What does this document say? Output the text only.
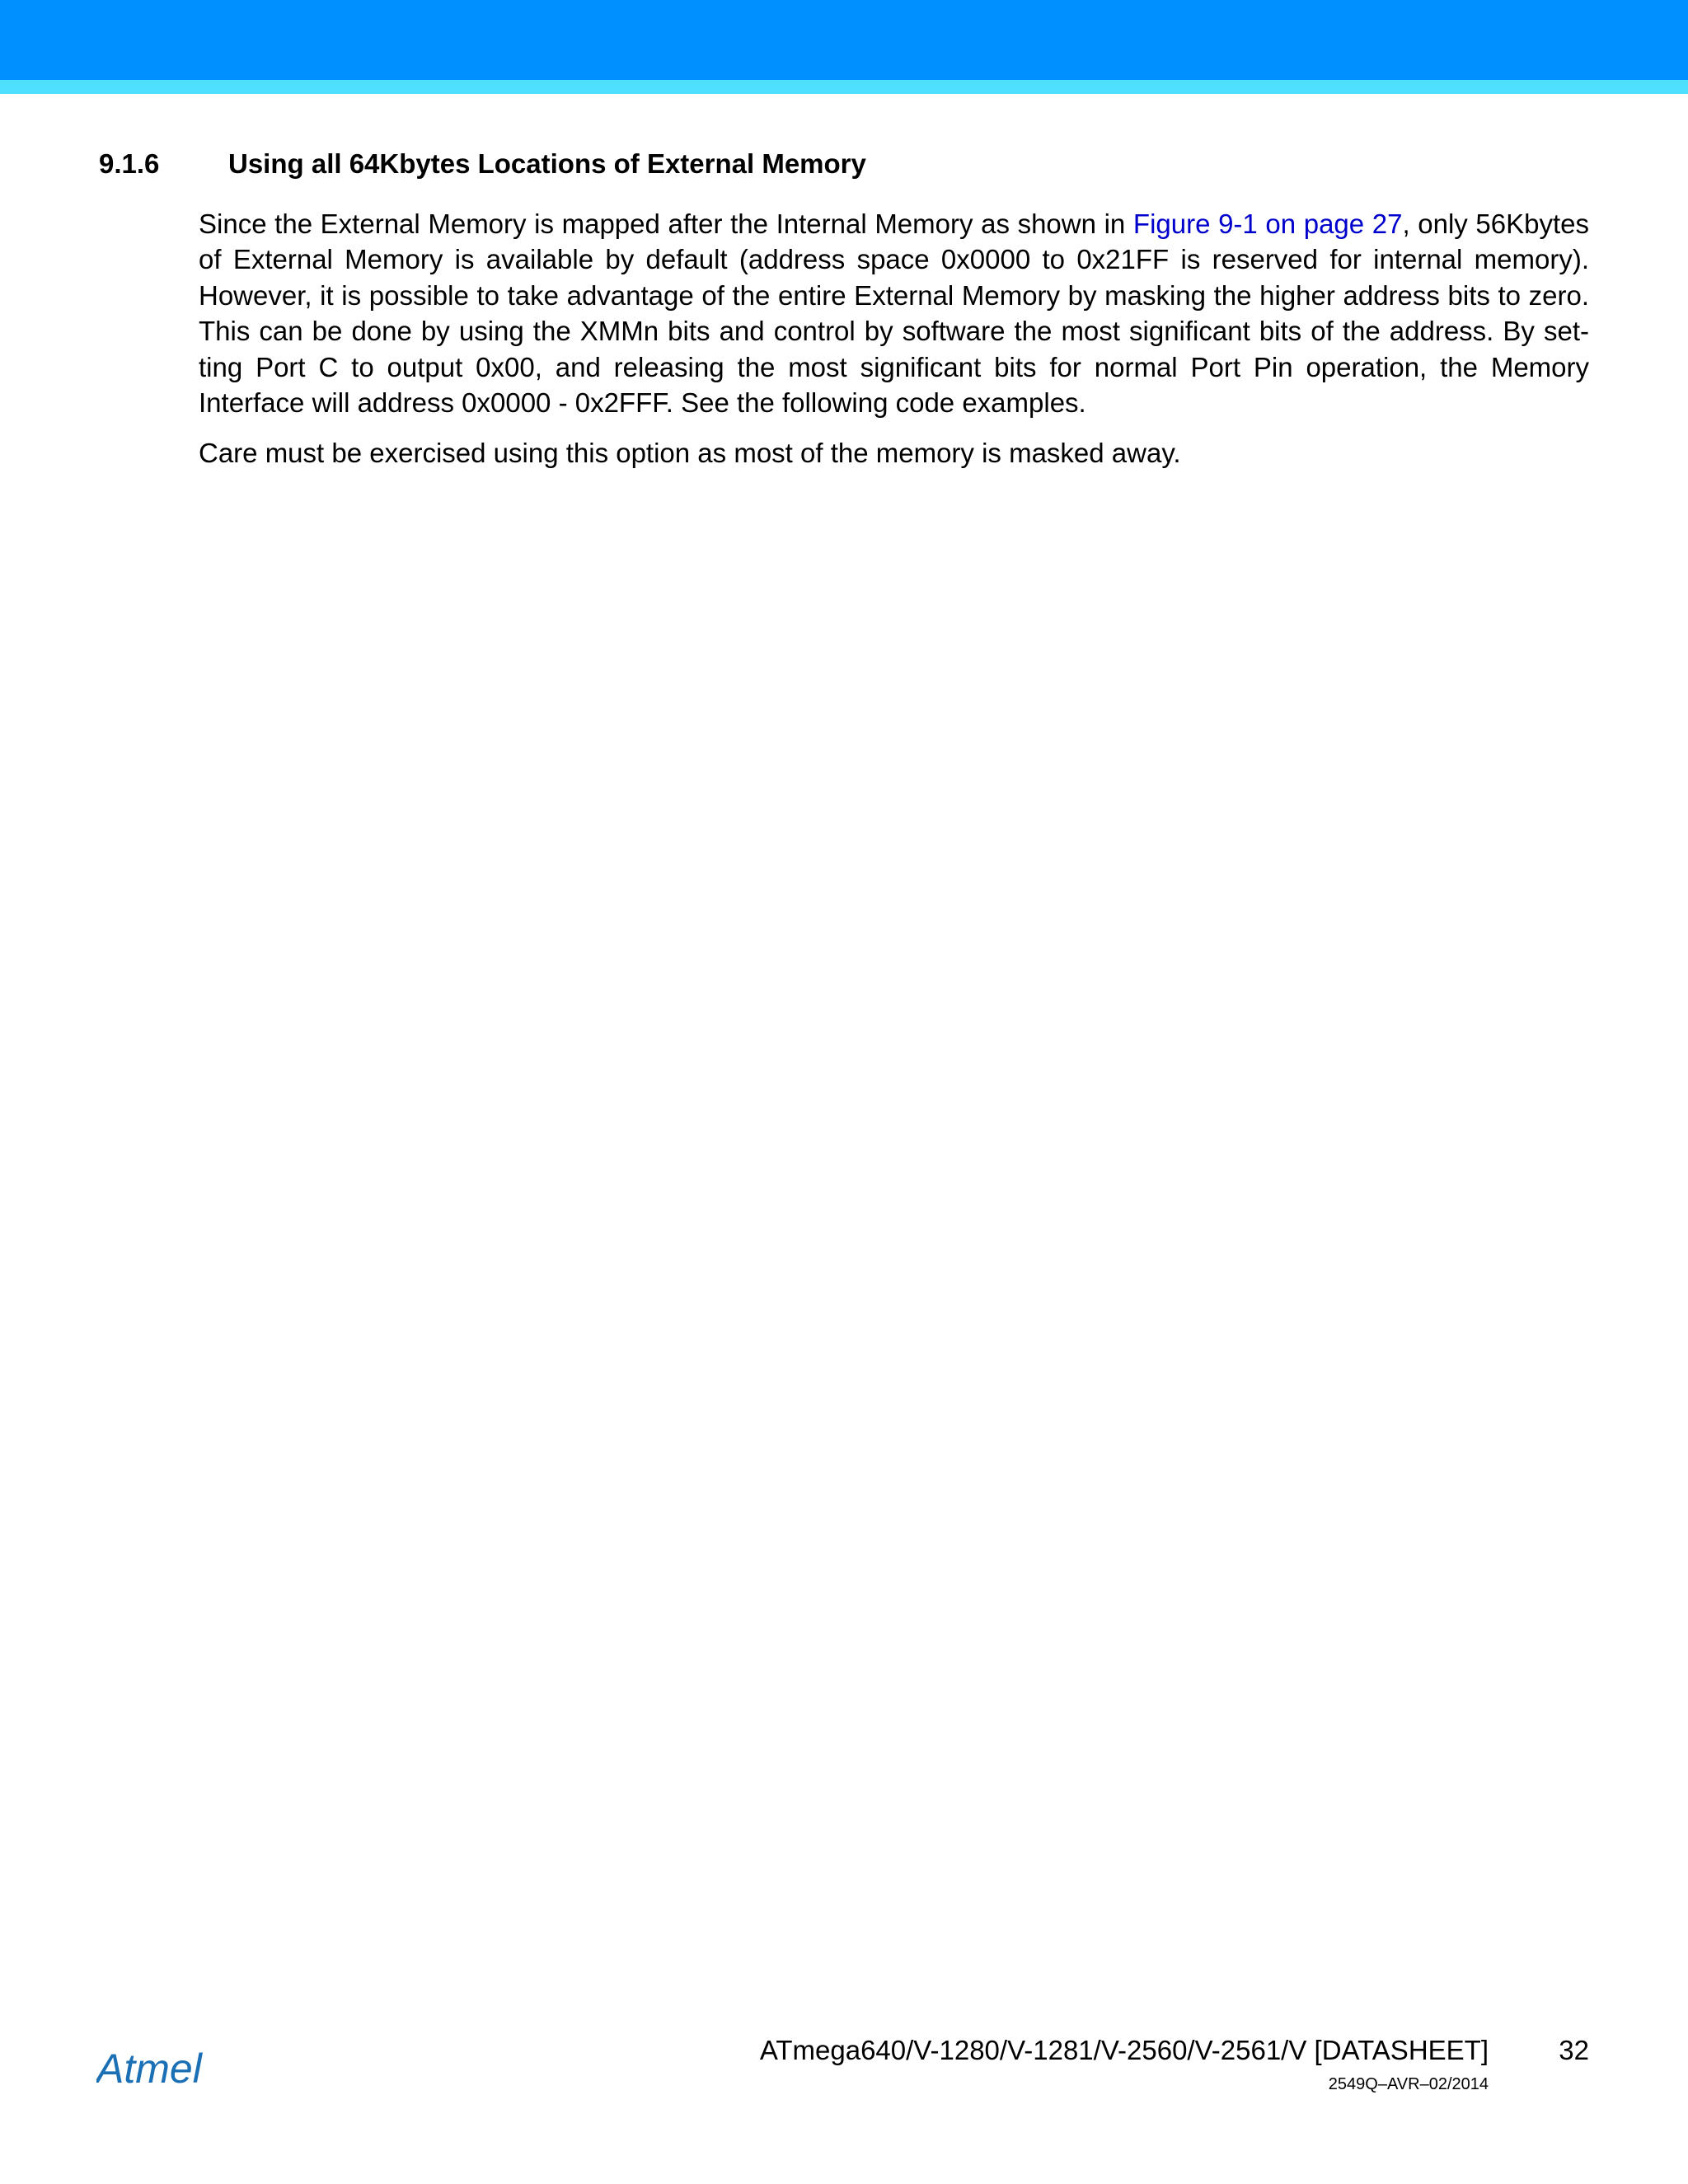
9.1.6	Using all 64Kbytes Locations of External Memory

Since the External Memory is mapped after the Internal Memory as shown in Figure 9-1 on page 27, only 56Kbytes of External Memory is available by default (address space 0x0000 to 0x21FF is reserved for internal memory). However, it is possible to take advantage of the entire External Memory by masking the higher address bits to zero. This can be done by using the XMMn bits and control by software the most significant bits of the address. By set-ting Port C to output 0x00, and releasing the most significant bits for normal Port Pin operation, the Memory Interface will address 0x0000 - 0x2FFF. See the following code examples.

Care must be exercised using this option as most of the memory is masked away.

Atmel	ATmega640/V-1280/V-1281/V-2560/V-2561/V [DATASHEET]	32
2549Q–AVR–02/2014
